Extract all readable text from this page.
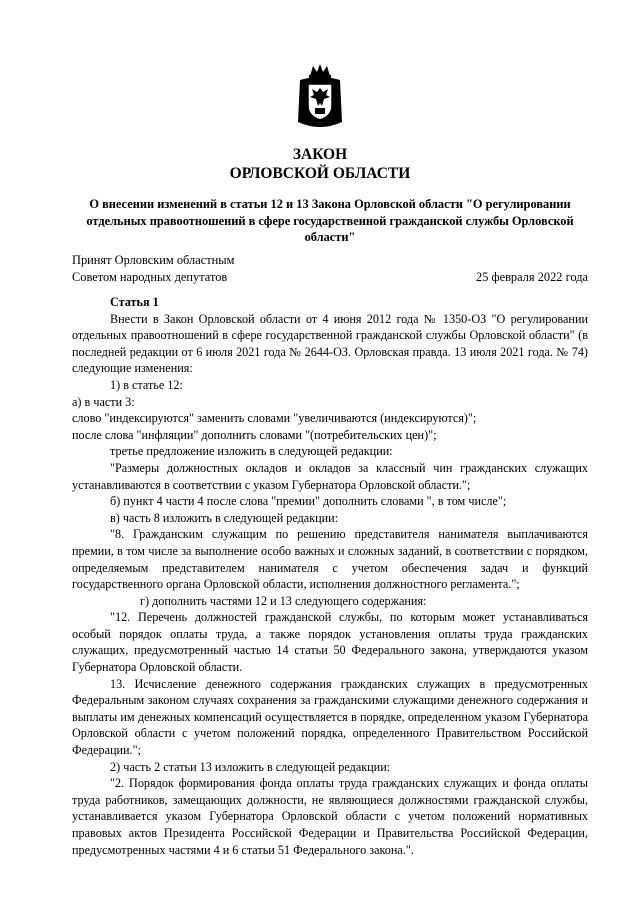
ЗАКОН
ОРЛОВСКОЙ ОБЛАСТИ
О внесении изменений в статьи 12 и 13 Закона Орловской области "О регулировании отдельных правоотношений в сфере государственной гражданской службы Орловской области"
Принят Орловским областным
Советом народных депутатов	25 февраля 2022 года

Статья 1

Внести в Закон Орловской области от 4 июня 2012 года № 1350-ОЗ "О регулировании отдельных правоотношений в сфере государственной гражданской службы Орловской области" (в последней редакции от 6 июля 2021 года № 2644-ОЗ. Орловская правда. 13 июля 2021 года. № 74) следующие изменения:

1) в статье 12:

а) в части 3:

слово "индексируются" заменить словами "увеличиваются (индексируются)";

после слова "инфляции" дополнить словами "(потребительских цен)";

третье предложение изложить в следующей редакции:

"Размеры должностных окладов и окладов за классный чин гражданских служащих устанавливаются в соответствии с указом Губернатора Орловской области.";

б) пункт 4 части 4 после слова "премии" дополнить словами ", в том числе";

в) часть 8 изложить в следующей редакции:

"8. Гражданским служащим по решению представителя нанимателя выплачиваются премии, в том числе за выполнение особо важных и сложных заданий, в соответствии с порядком, определяемым представителем нанимателя с учетом обеспечения задач и функций государственного органа Орловской области, исполнения должностного регламента.";

г) дополнить частями 12 и 13 следующего содержания:

"12. Перечень должностей гражданской службы, по которым может устанавливаться особый порядок оплаты труда, а также порядок установления оплаты труда гражданских служащих, предусмотренный частью 14 статьи 50 Федерального закона, утверждаются указом Губернатора Орловской области.

13. Исчисление денежного содержания гражданских служащих в предусмотренных Федеральным законом случаях сохранения за гражданскими служащими денежного содержания и выплаты им денежных компенсаций осуществляется в порядке, определенном указом Губернатора Орловской области с учетом положений порядка, определенного Правительством Российской Федерации.";

2) часть 2 статьи 13 изложить в следующей редакции:

"2. Порядок формирования фонда оплаты труда гражданских служащих и фонда оплаты труда работников, замещающих должности, не являющиеся должностями гражданской службы, устанавливается указом Губернатора Орловской области с учетом положений нормативных правовых актов Президента Российской Федерации и Правительства Российской Федерации, предусмотренных частями 4 и 6 статьи 51 Федерального закона.".
